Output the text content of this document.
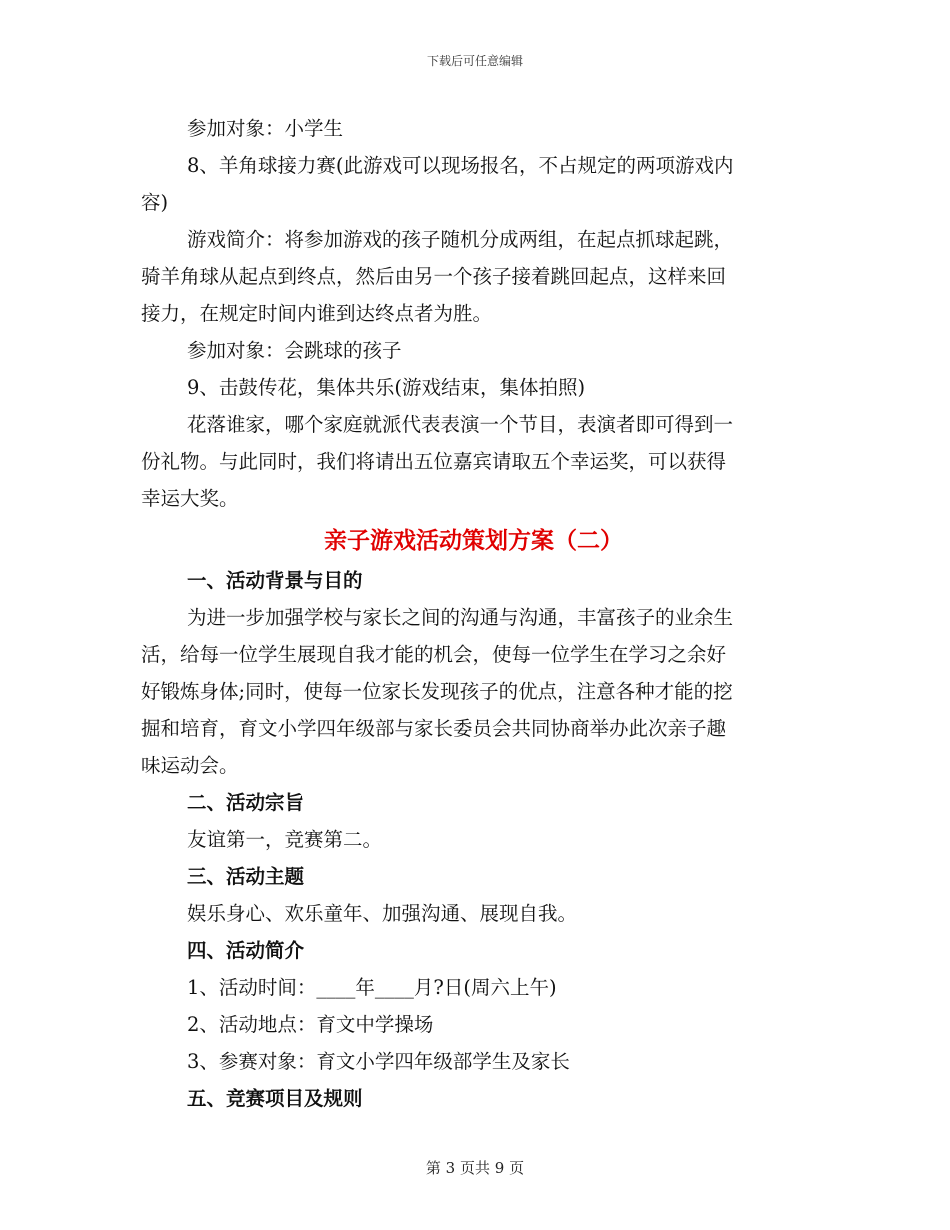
下载后可任意编辑
参加对象：小学生
8、羊角球接力赛(此游戏可以现场报名，不占规定的两项游戏内
容)
游戏简介：将参加游戏的孩子随机分成两组，在起点抓球起跳，
骑羊角球从起点到终点，然后由另一个孩子接着跳回起点，这样来回
接力，在规定时间内谁到达终点者为胜。
参加对象：会跳球的孩子
9、击鼓传花，集体共乐(游戏结束，集体拍照)
花落谁家，哪个家庭就派代表表演一个节目，表演者即可得到一
份礼物。与此同时，我们将请出五位嘉宾请取五个幸运奖，可以获得
幸运大奖。
亲子游戏活动策划方案（二）
一、活动背景与目的
为进一步加强学校与家长之间的沟通与沟通，丰富孩子的业余生
活，给每一位学生展现自我才能的机会，使每一位学生在学习之余好
好锻炼身体;同时，使每一位家长发现孩子的优点，注意各种才能的挖
掘和培育，育文小学四年级部与家长委员会共同协商举办此次亲子趣
味运动会。
二、活动宗旨
友谊第一，竞赛第二。
三、活动主题
娱乐身心、欢乐童年、加强沟通、展现自我。
四、活动简介
1、活动时间：____年____月?日(周六上午)
2、活动地点：育文中学操场
3、参赛对象：育文小学四年级部学生及家长
五、竞赛项目及规则
第 3 页共 9 页
